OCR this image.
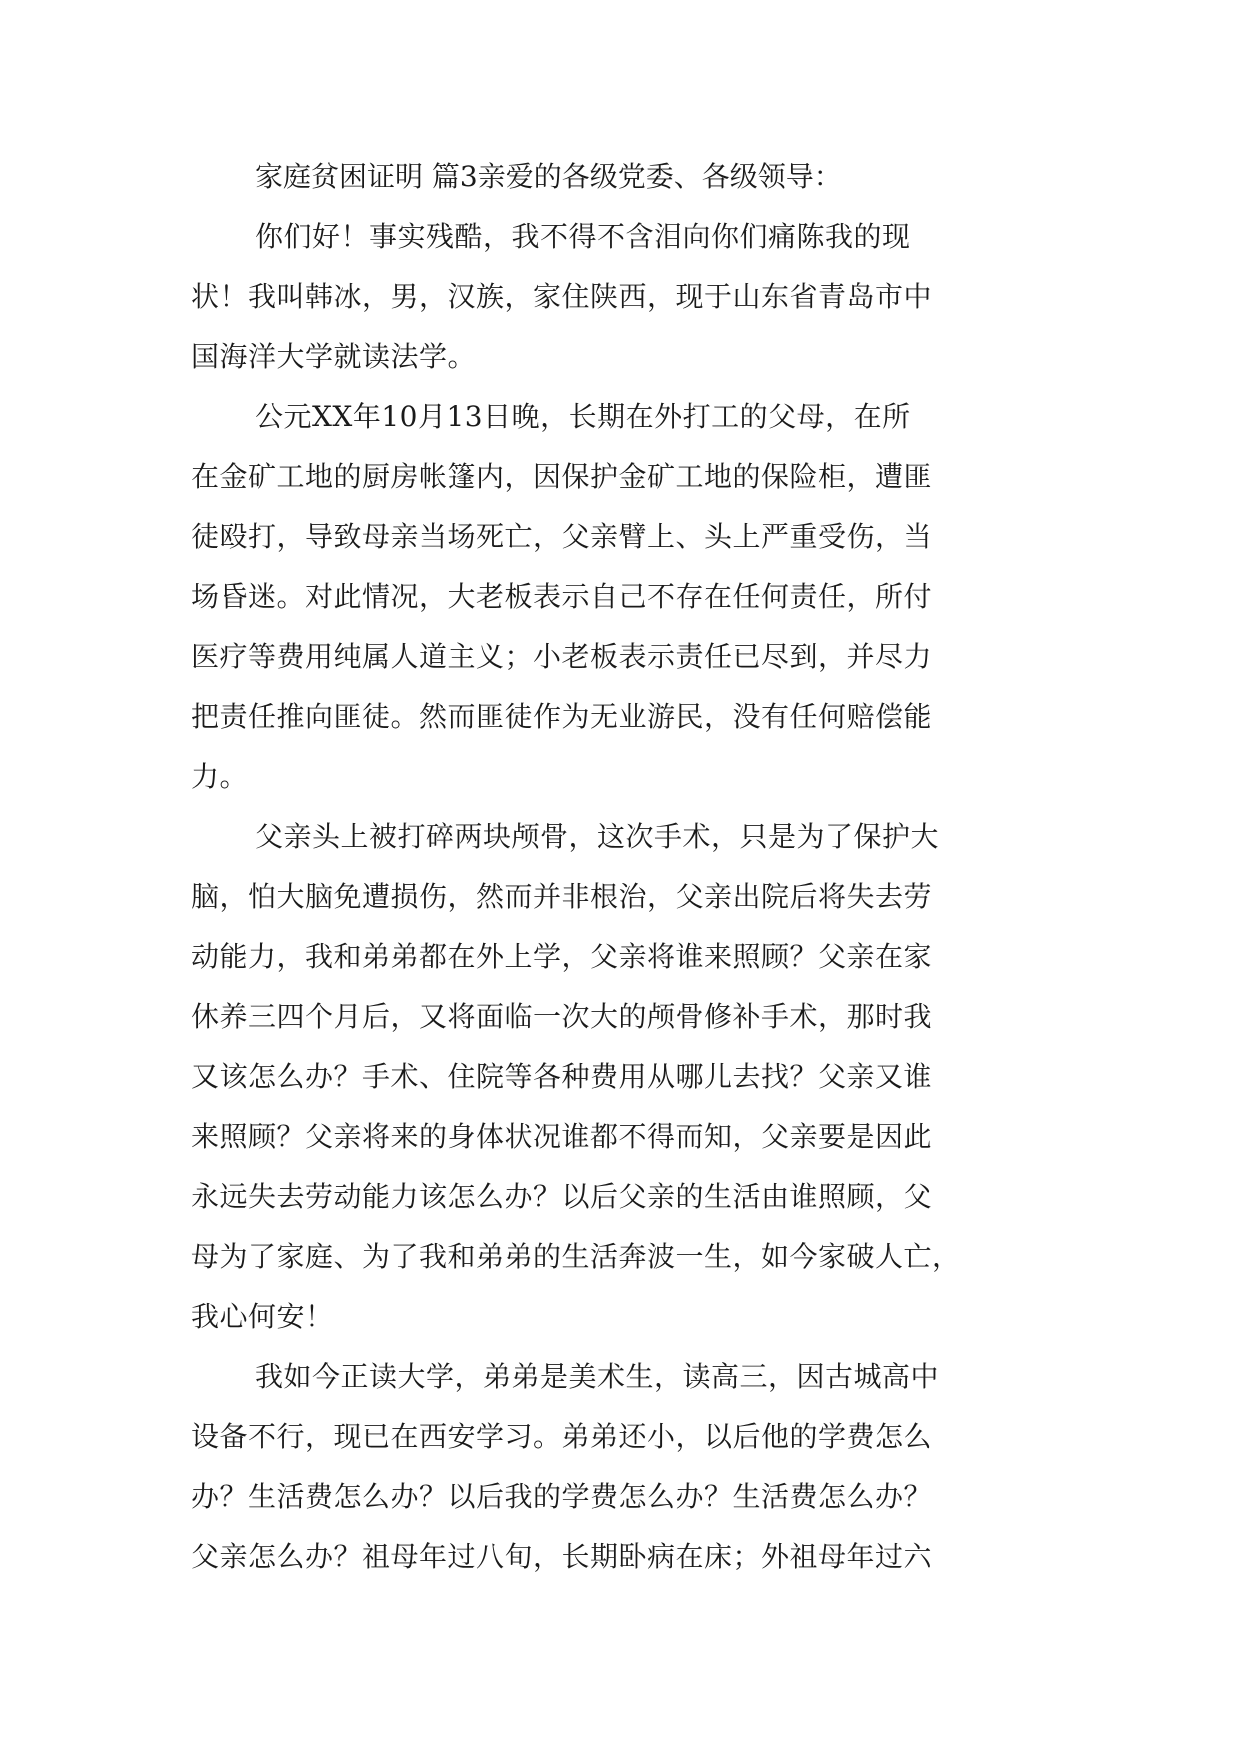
家庭贫困证明 篇3亲爱的各级党委、各级领导：
你们好！事实残酷，我不得不含泪向你们痛陈我的现
状！我叫韩冰，男，汉族，家住陕西，现于山东省青岛市中
国海洋大学就读法学。
公元XX年10月13日晚，长期在外打工的父母，在所
在金矿工地的厨房帐篷内，因保护金矿工地的保险柜，遭匪
徒殴打，导致母亲当场死亡，父亲臂上、头上严重受伤，当
场昏迷。对此情况，大老板表示自己不存在任何责任，所付
医疗等费用纯属人道主义；小老板表示责任已尽到，并尽力
把责任推向匪徒。然而匪徒作为无业游民，没有任何赔偿能
力。
父亲头上被打碎两块颅骨，这次手术，只是为了保护大
脑，怕大脑免遭损伤，然而并非根治，父亲出院后将失去劳
动能力，我和弟弟都在外上学，父亲将谁来照顾？父亲在家
休养三四个月后，又将面临一次大的颅骨修补手术，那时我
又该怎么办？手术、住院等各种费用从哪儿去找？父亲又谁
来照顾？父亲将来的身体状况谁都不得而知，父亲要是因此
永远失去劳动能力该怎么办？以后父亲的生活由谁照顾，父
母为了家庭、为了我和弟弟的生活奔波一生，如今家破人亡，
我心何安！
我如今正读大学，弟弟是美术生，读高三，因古城高中
设备不行，现已在西安学习。弟弟还小，以后他的学费怎么
办？生活费怎么办？以后我的学费怎么办？生活费怎么办？
父亲怎么办？祖母年过八旬，长期卧病在床；外祖母年过六
